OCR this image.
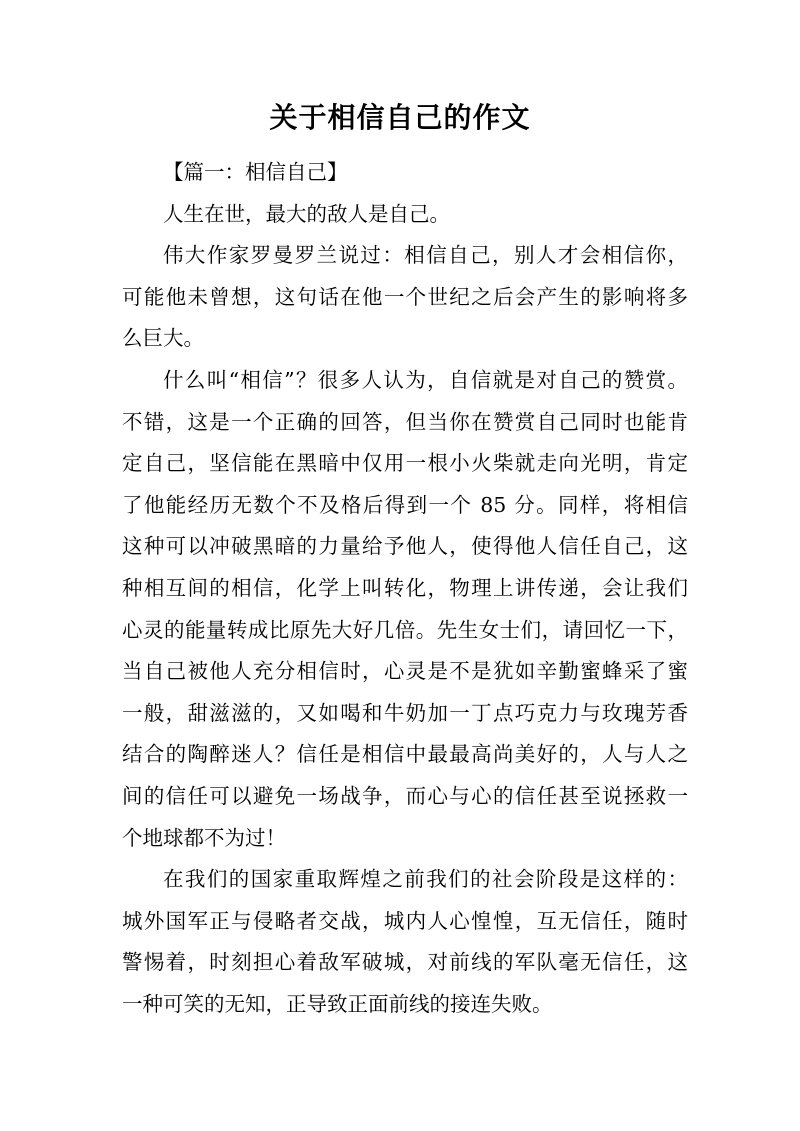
关于相信自己的作文
【篇一：相信自己】
人生在世，最大的敌人是自己。
伟大作家罗曼罗兰说过：相信自己，别人才会相信你，
可能他未曾想，这句话在他一个世纪之后会产生的影响将多
么巨大。
什么叫“相信”？很多人认为，自信就是对自己的赞赏。
不错，这是一个正确的回答，但当你在赞赏自己同时也能肯
定自己，坚信能在黑暗中仅用一根小火柴就走向光明，肯定
了他能经历无数个不及格后得到一个 85 分。同样，将相信
这种可以冲破黑暗的力量给予他人，使得他人信任自己，这
种相互间的相信，化学上叫转化，物理上讲传递，会让我们
心灵的能量转成比原先大好几倍。先生女士们，请回忆一下，
当自己被他人充分相信时，心灵是不是犹如辛勤蜜蜂采了蜜
一般，甜滋滋的，又如喝和牛奶加一丁点巧克力与玫瑰芳香
结合的陶醉迷人？信任是相信中最最高尚美好的，人与人之
间的信任可以避免一场战争，而心与心的信任甚至说拯救一
个地球都不为过！
在我们的国家重取辉煌之前我们的社会阶段是这样的：
城外国军正与侵略者交战，城内人心惶惶，互无信任，随时
警惕着，时刻担心着敌军破城，对前线的军队毫无信任，这
一种可笑的无知，正导致正面前线的接连失败。
